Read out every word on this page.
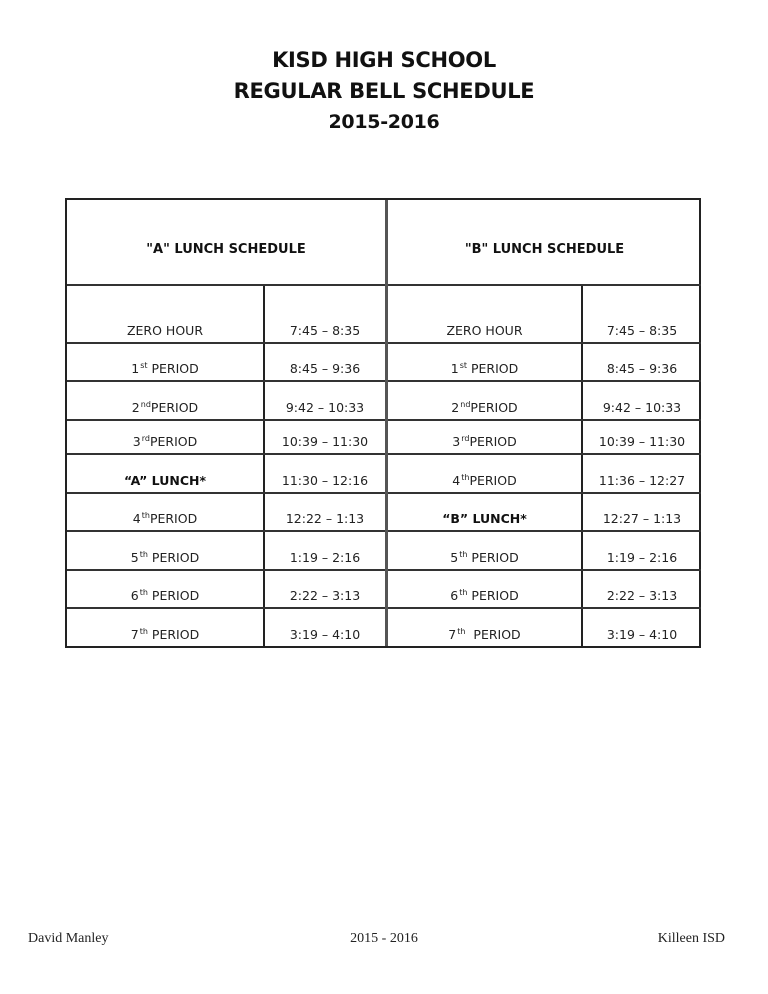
KISD HIGH SCHOOL
REGULAR BELL SCHEDULE
2015-2016
"A" LUNCH SCHEDULE
ZERO HOUR	7:45 – 8:35
1st PERIOD	8:45 – 9:36
2ndPERIOD	9:42 – 10:33
3rdPERIOD	10:39 – 11:30
“A” LUNCH*	11:30 – 12:16
4thPERIOD	12:22 – 1:13
5th PERIOD	1:19 – 2:16
6th PERIOD	2:22 – 3:13
7th PERIOD	3:19 – 4:10
"B" LUNCH SCHEDULE
ZERO HOUR	7:45 – 8:35
1st PERIOD	8:45 – 9:36
2ndPERIOD	9:42 – 10:33
3rdPERIOD	10:39 – 11:30
4thPERIOD	11:36 – 12:27
“B” LUNCH*	12:27 – 1:13
5th PERIOD	1:19 – 2:16
6th PERIOD	2:22 – 3:13
7th  PERIOD	3:19 – 4:10
David Manley	2015 - 2016	Killeen ISD
